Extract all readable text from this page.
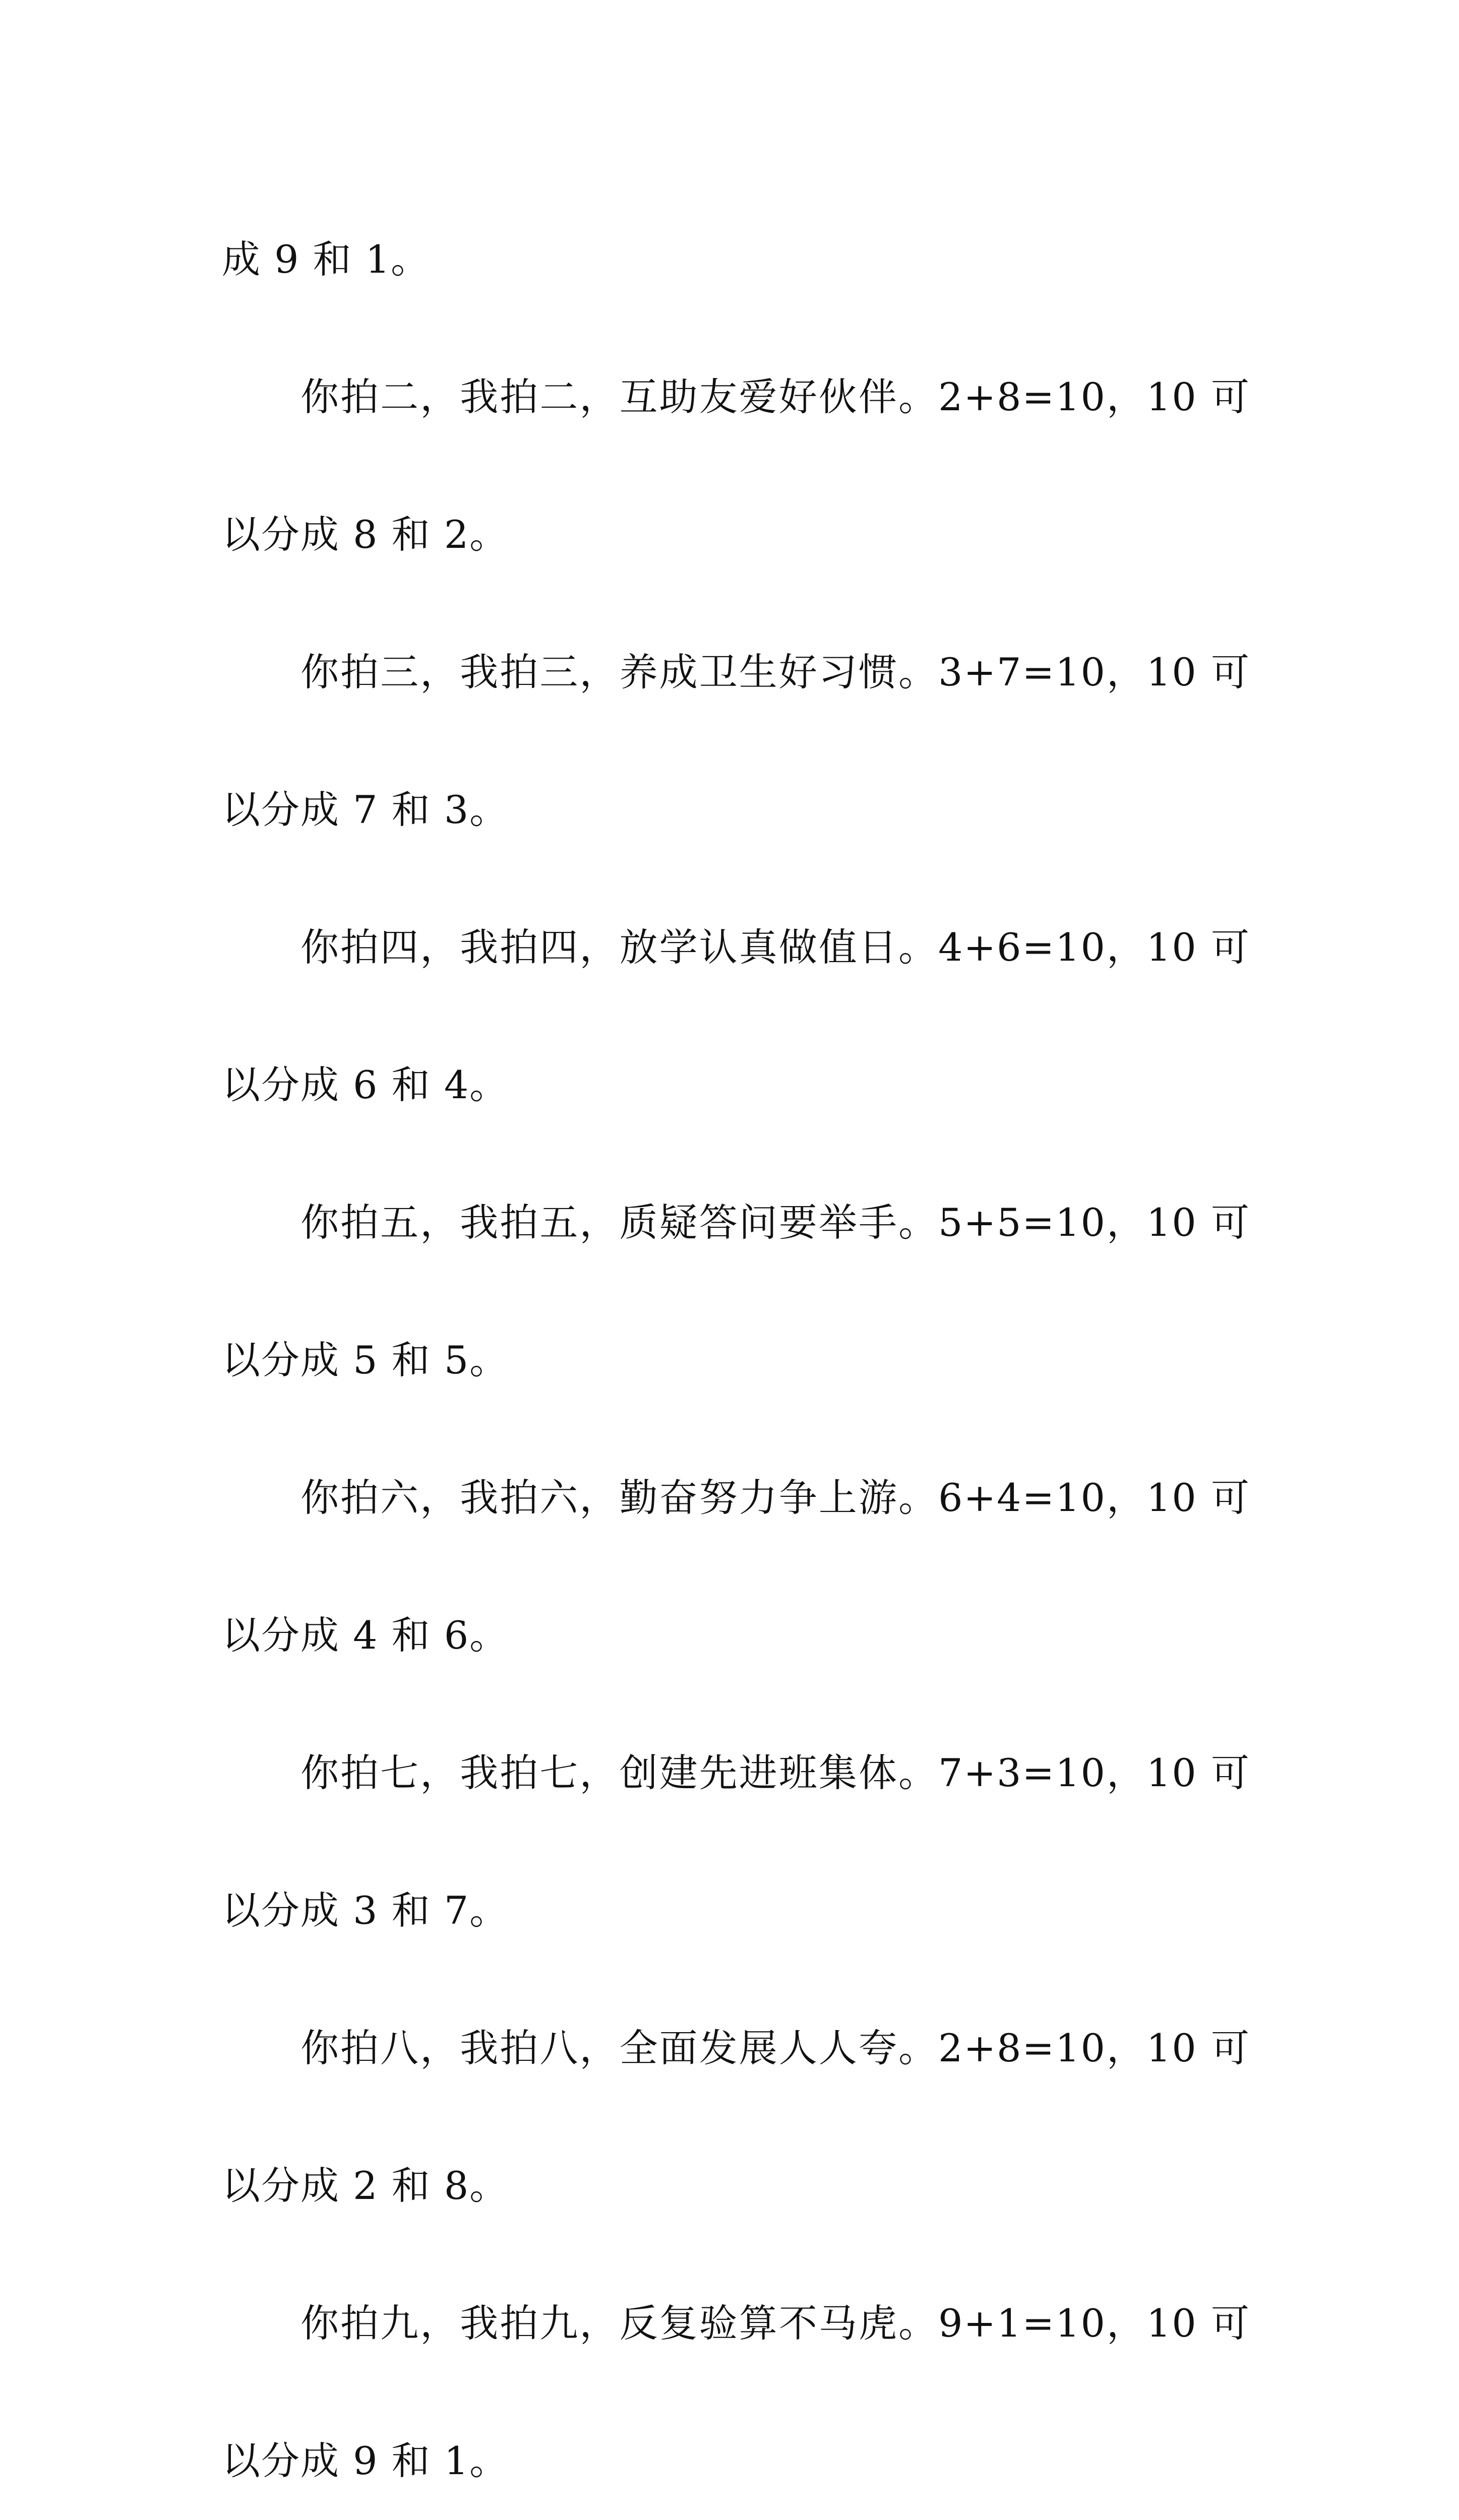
成 9 和 1。

你拍二，我拍二，互助友爱好伙伴。2+8=10，10 可以分成 8 和 2。

你拍三，我拍三，养成卫生好习惯。3+7=10，10 可以分成 7 和 3。

你拍四，我拍四，放学认真做值日。4+6=10，10 可以分成 6 和 4。

你拍五，我拍五，质疑答问要举手。5+5=10，10 可以分成 5 和 5。

你拍六，我拍六，勤奋努力争上游。6+4=10，10 可以分成 4 和 6。

你拍七，我拍七，创建先进班集体。7+3=10，10 可以分成 3 和 7。

你拍八，我拍八，全面发展人人夸。2+8=10，10 可以分成 2 和 8。

你拍九，我拍九，反复验算不马虎。9+1=10，10 可以分成 9 和 1。
